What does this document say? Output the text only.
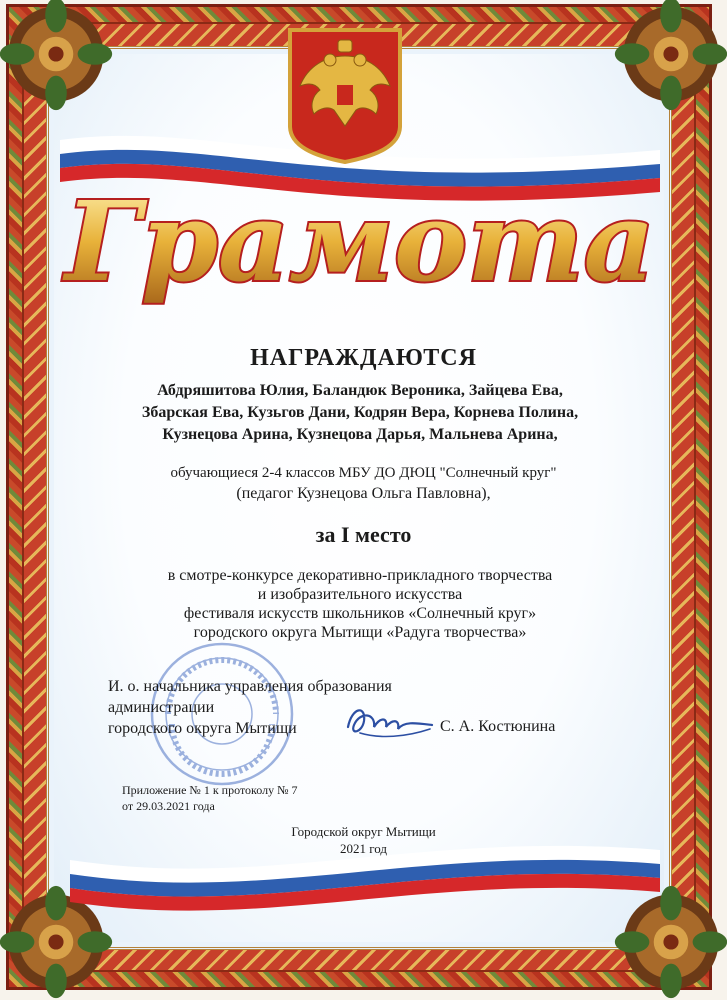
Грамота

НАГРАЖДАЮТСЯ

Абдряшитова Юлия, Баландюк Вероника, Зайцева Ева,
Збарская Ева, Кузьгов Дани, Кодрян Вера, Корнева Полина,
Кузнецова Арина, Кузнецова Дарья, Мальнева Арина,

обучающиеся 2-4 классов МБУ ДО ДЮЦ "Солнечный круг"

(педагог Кузнецова Ольга Павловна),

за I место

в смотре-конкурсе декоративно-прикладного творчества
и изобразительного искусства
фестиваля искусств школьников «Солнечный круг»
городского округа Мытищи «Радуга творчества»
И. о. начальника управления образования
администрации
городского округа Мытищи	С. А. Костюнина
Приложение № 1 к протоколу № 7
от 29.03.2021 года
Городской округ Мытищи
2021 год
